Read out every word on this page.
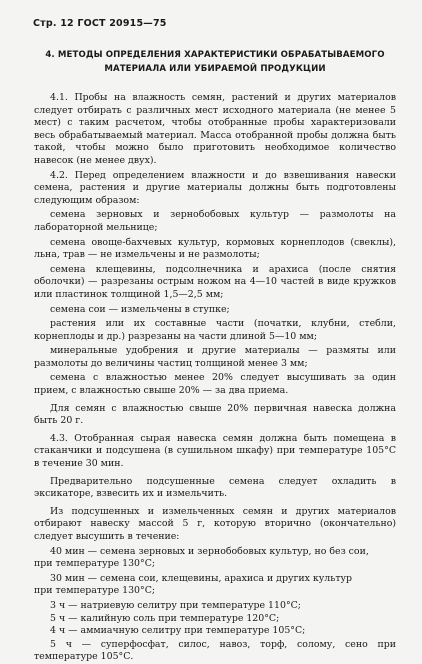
Стр. 12 ГОСТ 20915—75
4. МЕТОДЫ ОПРЕДЕЛЕНИЯ ХАРАКТЕРИСТИКИ ОБРАБАТЫВАЕМОГО
МАТЕРИАЛА ИЛИ УБИРАЕМОЙ ПРОДУКЦИИ

4.1. Пробы на влажность семян, растений и других материалов следует отбирать с различных мест исходного материала (не менее 5 мест) с таким расчетом, чтобы отобранные пробы характеризовали весь обрабатываемый материал. Масса отобранной пробы должна быть такой, чтобы можно было приготовить необходимое количество навесок (не менее двух).

4.2. Перед определением влажности и до взвешивания навески семена, растения и другие материалы должны быть подготовлены следующим образом:

семена зерновых и зернобобовых культур — размолоты на лабораторной мельнице;

семена овоще-бахчевых культур, кормовых корнеплодов (свеклы), льна, трав — не измельчены и не размолоты;

семена клещевины, подсолнечника и арахиса (после снятия оболочки) — разрезаны острым ножом на 4—10 частей в виде кружков или пластинок толщиной 1,5—2,5 мм;

семена сои — измельчены в ступке;

растения или их составные части (початки, клубни, стебли, корнеплоды и др.) разрезаны на части длиной 5—10 мм;

минеральные удобрения и другие материалы — размяты или размолоты до величины частиц толщиной менее 3 мм;

семена с влажностью менее 20% следует высушивать за один прием, с влажностью свыше 20% — за два приема.

Для семян с влажностью свыше 20% первичная навеска должна быть 20 г.

4.3. Отобранная сырая навеска семян должна быть помещена в стаканчики и подсушена (в сушильном шкафу) при температуре 105°С в течение 30 мин.

Предварительно подсушенные семена следует охладить в эксикаторе, взвесить их и измельчить.

Из подсушенных и измельченных семян и других материалов отбирают навеску массой 5 г, которую вторично (окончательно) следует высушить в течение:

40 мин — семена зерновых и зернобобовых культур, но без сои,
при температуре 130°С;
30 мин — семена сои, клещевины, арахиса и других культур
при температуре 130°С;
3 ч — натриевую селитру при температуре 110°С;
5 ч — калийную соль при температуре 120°С;
4 ч — аммиачную селитру при температуре 105°С;

5 ч — суперфосфат, силос, навоз, торф, солому, сено при температуре 105°С.
